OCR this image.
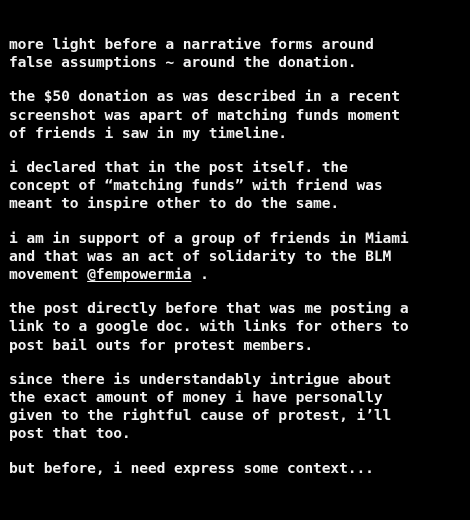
more light before a narrative forms around
false assumptions ~ around the donation.

the $50 donation as was described in a recent
screenshot was apart of matching funds moment
of friends i saw in my timeline.

i declared that in the post itself. the
concept of “matching funds” with friend was
meant to inspire other to do the same.

i am in support of a group of friends in Miami
and that was an act of solidarity to the BLM
movement @fempowermia .

the post directly before that was me posting a
link to a google doc. with links for others to
post bail outs for protest members.

since there is understandably intrigue about
the exact amount of money i have personally
given to the rightful cause of protest, i’ll
post that too.

but before, i need express some context...
